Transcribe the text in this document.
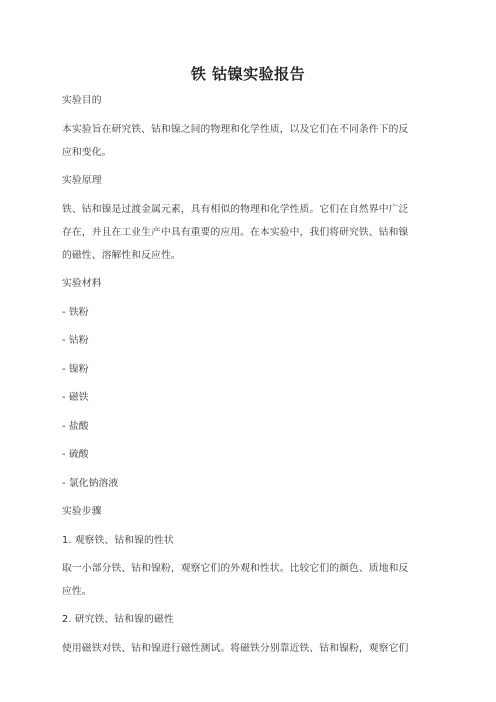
铁 钴镍实验报告
实验目的
本实验旨在研究铁、钴和镍之间的物理和化学性质，以及它们在不同条件下的反
应和变化。
实验原理
铁、钴和镍是过渡金属元素，具有相似的物理和化学性质。它们在自然界中广泛
存在，并且在工业生产中具有重要的应用。在本实验中，我们将研究铁、钴和镍
的磁性、溶解性和反应性。
实验材料
- 铁粉
- 钴粉
- 镍粉
- 磁铁
- 盐酸
- 硫酸
- 氯化钠溶液
实验步骤
1. 观察铁、钴和镍的性状
取一小部分铁、钴和镍粉，观察它们的外观和性状。比较它们的颜色、质地和反
应性。
2. 研究铁、钴和镍的磁性
使用磁铁对铁、钴和镍进行磁性测试。将磁铁分别靠近铁、钴和镍粉，观察它们
